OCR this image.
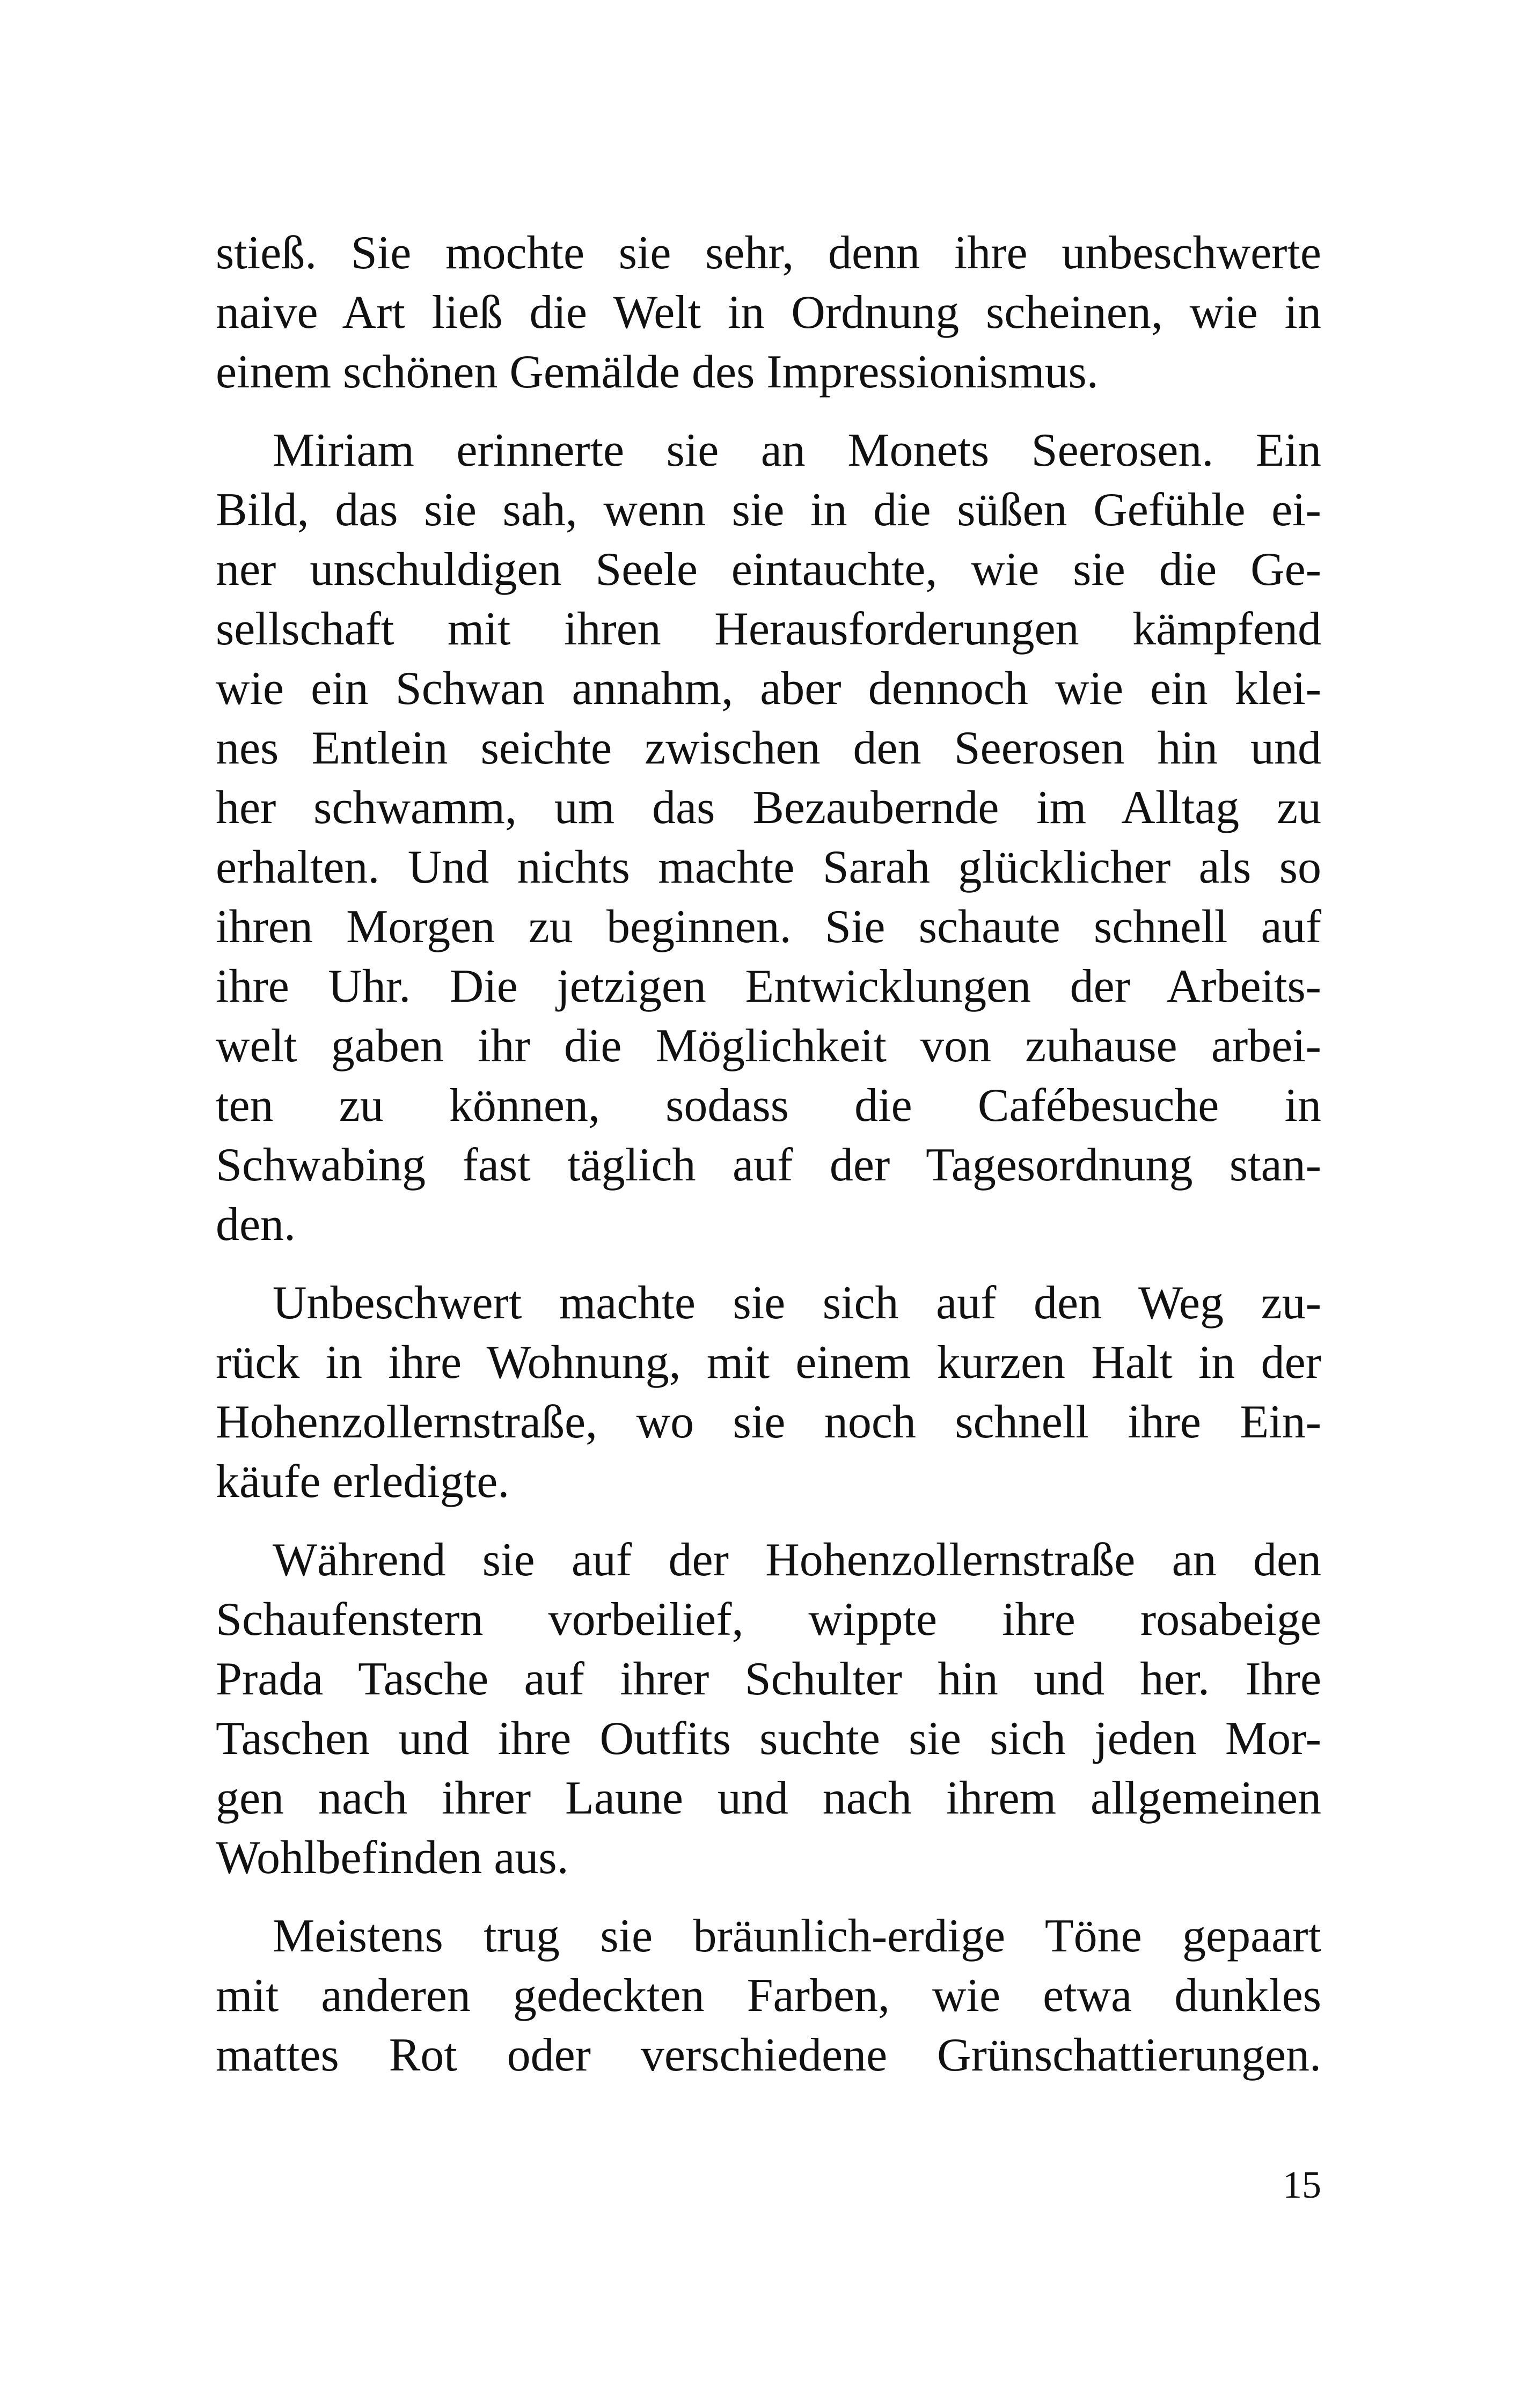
stieß. Sie mochte sie sehr, denn ihre unbeschwerte
naive Art ließ die Welt in Ordnung scheinen, wie in
einem schönen Gemälde des Impressionismus.
Miriam erinnerte sie an Monets Seerosen. Ein
Bild, das sie sah, wenn sie in die süßen Gefühle ei-
ner unschuldigen Seele eintauchte, wie sie die Ge-
sellschaft mit ihren Herausforderungen kämpfend
wie ein Schwan annahm, aber dennoch wie ein klei-
nes Entlein seichte zwischen den Seerosen hin und
her schwamm, um das Bezaubernde im Alltag zu
erhalten. Und nichts machte Sarah glücklicher als so
ihren Morgen zu beginnen. Sie schaute schnell auf
ihre Uhr. Die jetzigen Entwicklungen der Arbeits-
welt gaben ihr die Möglichkeit von zuhause arbei-
ten zu können, sodass die Cafébesuche in
Schwabing fast täglich auf der Tagesordnung stan-
den.
Unbeschwert machte sie sich auf den Weg zu-
rück in ihre Wohnung, mit einem kurzen Halt in der
Hohenzollernstraße, wo sie noch schnell ihre Ein-
käufe erledigte.
Während sie auf der Hohenzollernstraße an den
Schaufenstern vorbeilief, wippte ihre rosabeige
Prada Tasche auf ihrer Schulter hin und her. Ihre
Taschen und ihre Outfits suchte sie sich jeden Mor-
gen nach ihrer Laune und nach ihrem allgemeinen
Wohlbefinden aus.
Meistens trug sie bräunlich-erdige Töne gepaart
mit anderen gedeckten Farben, wie etwa dunkles
mattes Rot oder verschiedene Grünschattierungen.
15
